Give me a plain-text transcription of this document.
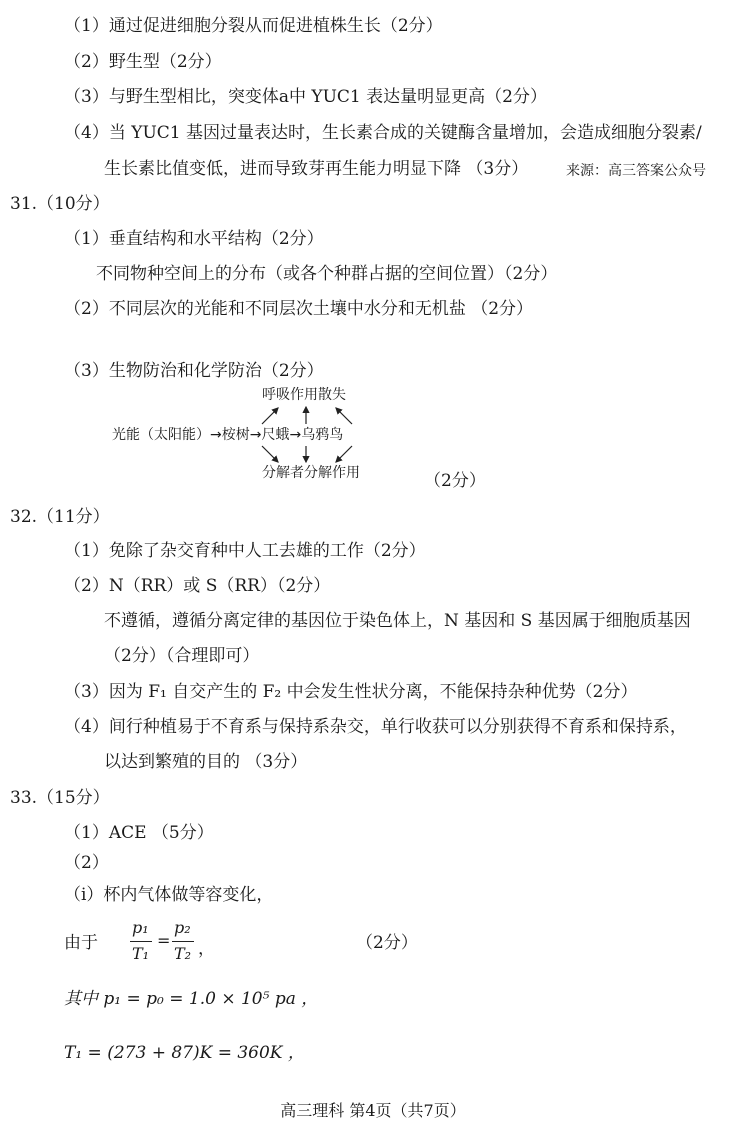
（1）通过促进细胞分裂从而促进植株生长（2分）
（2）野生型（2分）
（3）与野生型相比，突变体a中 YUC1 表达量明显更高（2分）
（4）当 YUC1 基因过量表达时，生长素合成的关键酶含量增加，会造成细胞分裂素/
生长素比值变低，进而导致芽再生能力明显下降 （3分）	来源：高三答案公众号
31.（10分）
（1）垂直结构和水平结构（2分）
不同物种空间上的分布（或各个种群占据的空间位置）（2分）
（2）不同层次的光能和不同层次土壤中水分和无机盐 （2分）
（3）生物防治和化学防治（2分）
呼吸作用散失
光能（太阳能）→桉树→尺蛾→乌鸦鸟
分解者分解作用	（2分）
32.（11分）
（1）免除了杂交育种中人工去雄的工作（2分）
（2）N（RR）或 S（RR）（2分）
不遵循，遵循分离定律的基因位于染色体上，N 基因和 S 基因属于细胞质基因
（2分）（合理即可）
（3）因为 F₁ 自交产生的 F₂ 中会发生性状分离，不能保持杂种优势（2分）
（4）间行种植易于不育系与保持系杂交，单行收获可以分别获得不育系和保持系，
以达到繁殖的目的 （3分）
33.（15分）
（1）ACE （5分）
（2）
（i）杯内气体做等容变化，
由于
p₁
T₁
=
p₂
T₂ ，	（2分）
其中 p₁ = p₀ = 1.0 × 10⁵ pa ，
T₁ = (273 + 87)K = 360K ，
高三理科 第4页（共7页）
